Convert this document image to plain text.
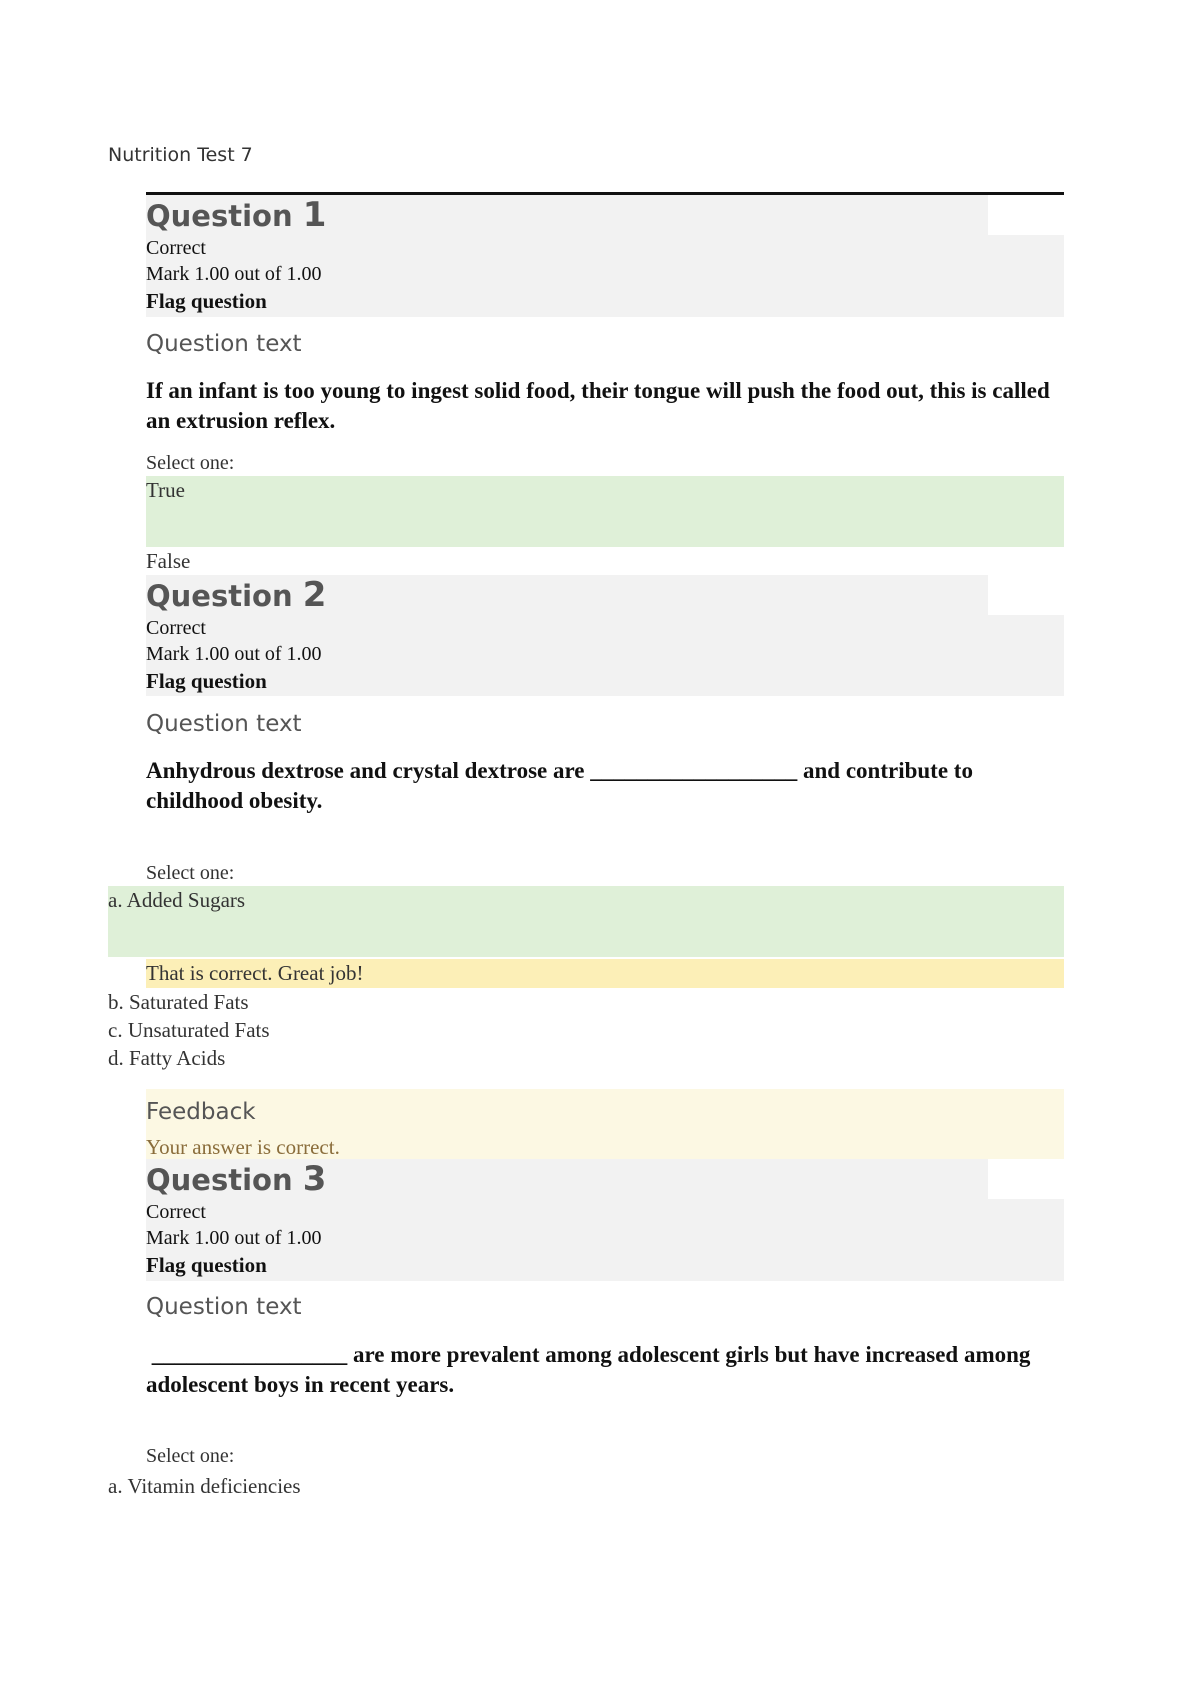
Nutrition Test 7
Question 1
Correct
Mark 1.00 out of 1.00
Flag question
Question text
If an infant is too young to ingest solid food, their tongue will push the food out, this is called an extrusion reflex.
Select one:
True
False
Question 2
Correct
Mark 1.00 out of 1.00
Flag question
Question text
Anhydrous dextrose and crystal dextrose are __________________ and contribute to childhood obesity.
Select one:
a. Added Sugars
That is correct. Great job!
b. Saturated Fats
c. Unsaturated Fats
d. Fatty Acids
Feedback
Your answer is correct.
Question 3
Correct
Mark 1.00 out of 1.00
Flag question
Question text
_________________ are more prevalent among adolescent girls but have increased among adolescent boys in recent years.
Select one:
a. Vitamin deficiencies
